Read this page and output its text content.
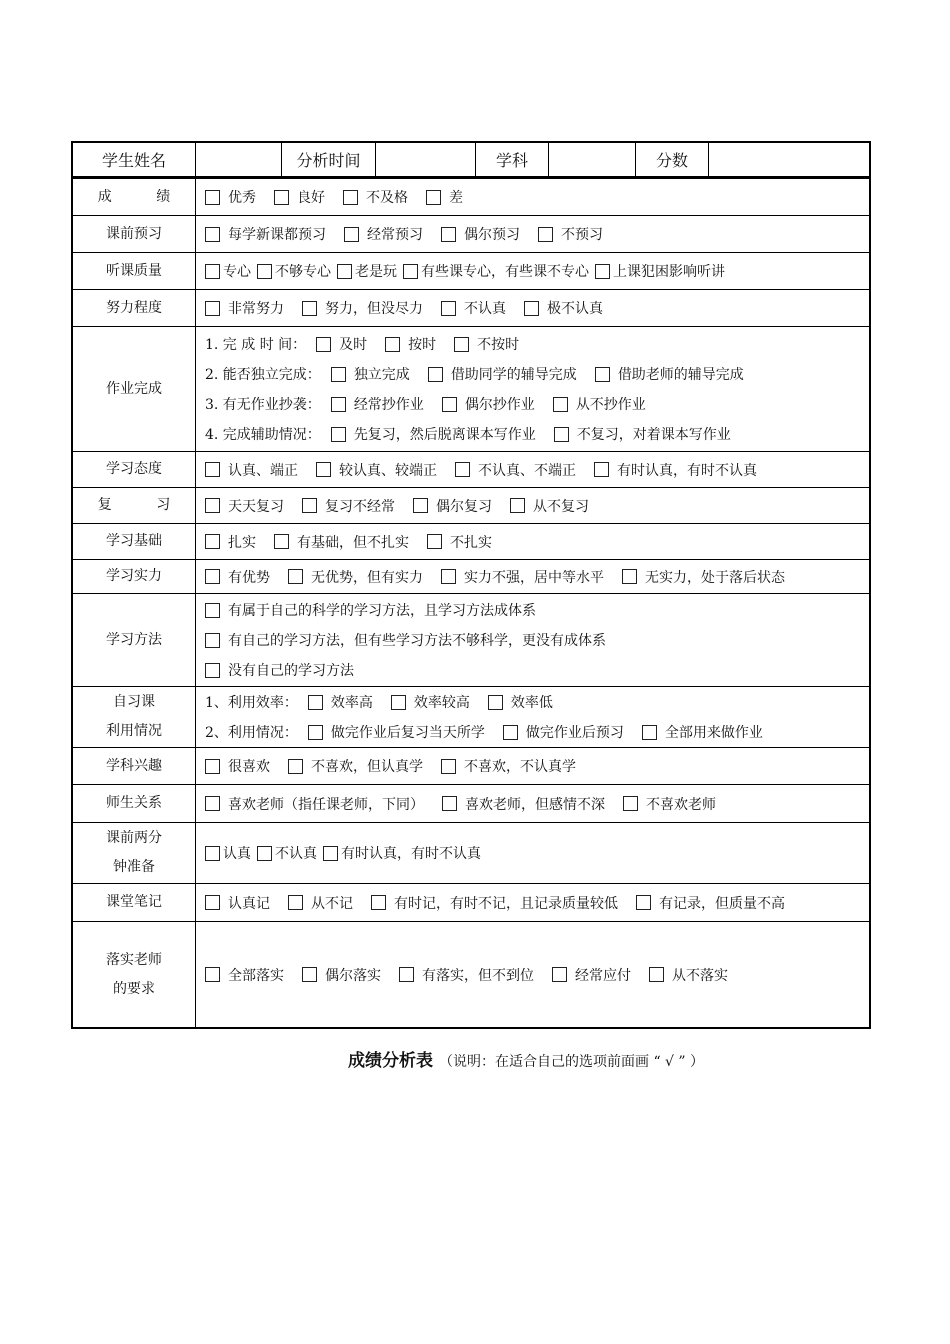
学生姓名	分析时间	学科	分数
成 绩	优秀	良好	不及格	差
课前预习	每学新课都预习	经常预习	偶尔预习	不预习
听课质量	专心 不够专心 老是玩 有些课专心，有些课不专心 上课犯困影响听讲
努力程度	非常努力	努力，但没尽力	不认真	极不认真
作业完成
1. 完 成 时 间： 及时	按时	不按时
2. 能否独立完成： 独立完成	借助同学的辅导完成	借助老师的辅导完成
3. 有无作业抄袭： 经常抄作业	偶尔抄作业	从不抄作业
4. 完成辅助情况： 先复习，然后脱离课本写作业	不复习，对着课本写作业
学习态度	认真、端正	较认真、较端正	不认真、不端正	有时认真，有时不认真
复 习	天天复习	复习不经常	偶尔复习	从不复习
学习基础	扎实	有基础，但不扎实	不扎实
学习实力	有优势	无优势，但有实力	实力不强，居中等水平	无实力，处于落后状态
学习方法
有属于自己的科学的学习方法，且学习方法成体系
有自己的学习方法，但有些学习方法不够科学，更没有成体系
没有自己的学习方法
自习课
利用情况
1、利用效率： 效率高	效率较高	效率低
2、利用情况： 做完作业后复习当天所学	做完作业后预习	全部用来做作业
学科兴趣	很喜欢	不喜欢，但认真学	不喜欢，不认真学
师生关系	喜欢老师（指任课老师，下同）	喜欢老师，但感情不深	不喜欢老师
课前两分
钟准备
认真 不认真 有时认真，有时不认真
课堂笔记	认真记	从不记	有时记，有时不记，且记录质量较低	有记录，但质量不高
落实老师
的要求
全部落实	偶尔落实	有落实，但不到位	经常应付	从不落实
成绩分析表 （说明：在适合自己的选项前面画 “ √ ” ）
